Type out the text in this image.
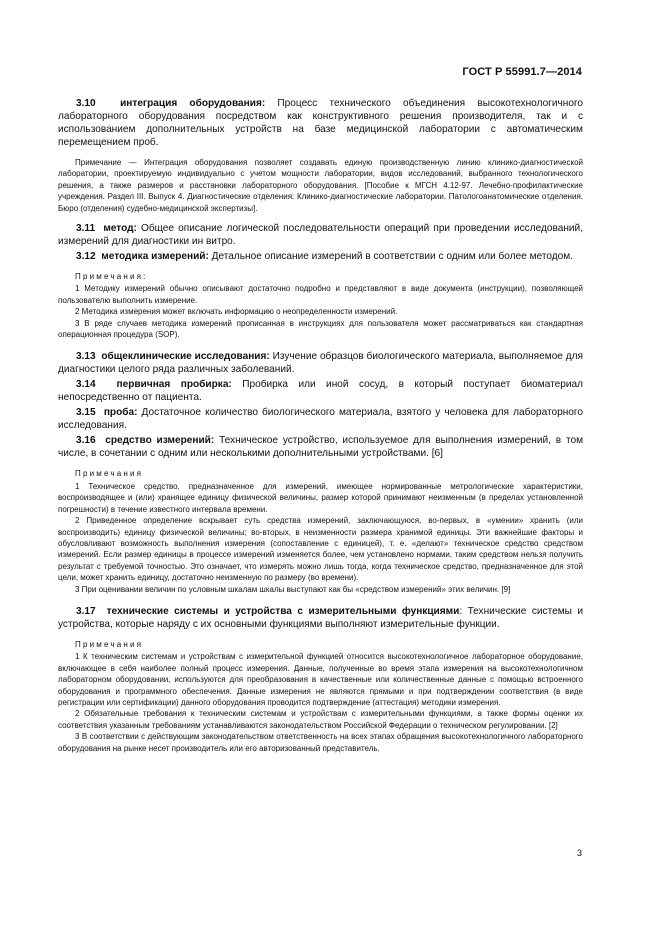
ГОСТ Р 55991.7—2014

3.10 интеграция оборудования: Процесс технического объединения высокотехнологичного лабораторного оборудования посредством как конструктивного решения производителя, так и с использованием дополнительных устройств на базе медицинской лаборатории с автоматическим перемещением проб.

Примечание — Интеграция оборудования позволяет создавать единую производственную линию клинико-диагностической лаборатории, проектируемую индивидуально с учетом мощности лаборатории, видов исследований, выбранного технологического решения, а также размеров и расстановки лабораторного оборудования. [Пособие к МГСН 4.12-97. Лечебно-профилактические учреждения. Раздел III. Выпуск 4. Диагностические отделения: Клинико-диагностические лаборатории. Патологоанатомические отделения. Бюро (отделения) судебно-медицинской экспертизы].

3.11 метод: Общее описание логической последовательности операций при проведении исследований, измерений для диагностики ин витро.

3.12 методика измерений: Детальное описание измерений в соответствии с одним или более методом.

Примечания:

1 Методику измерений обычно описывают достаточно подробно и представляют в виде документа (инструкции), позволяющей пользователю выполнить измерение.

2 Методика измерения может включать информацию о неопределенности измерений.

3 В ряде случаев методика измерений прописанная в инструкциях для пользователя может рассматриваться как стандартная операционная процедура (SOP).

3.13 общеклинические исследования: Изучение образцов биологического материала, выполняемое для диагностики целого ряда различных заболеваний.

3.14 первичная пробирка: Пробирка или иной сосуд, в который поступает биоматериал непосредственно от пациента.

3.15 проба: Достаточное количество биологического материала, взятого у человека для лабораторного исследования.

3.16 средство измерений: Техническое устройство, используемое для выполнения измерений, в том числе, в сочетании с одним или несколькими дополнительными устройствами. [6]

Примечания

1 Техническое средство, предназначенное для измерений, имеющее нормированные метрологические характеристики, воспроизводящее и (или) хранящее единицу физической величины, размер которой принимают неизменным (в пределах установленной погрешности) в течение известного интервала времени.

2 Приведенное определение вскрывает суть средства измерений, заключающуюся, во-первых, в «умении» хранить (или воспроизводить) единицу физической величины; во-вторых, в неизменности размера хранимой единицы. Эти важнейшие факторы и обусловливают возможность выполнения измерения (сопоставление с единицей), т. е. «делают» техническое средство средством измерений. Если размер единицы в процессе измерений изменяется более, чем установлено нормами, таким средством нельзя получить результат с требуемой точностью. Это означает, что измерять можно лишь тогда, когда техническое средство, предназначенное для этой цели, может хранить единицу, достаточно неизменную по размеру (во времени).

3 При оценивании величин по условным шкалам шкалы выступают как бы «средством измерений» этих величин. [9]

3.17 технические системы и устройства с измерительными функциями: Технические системы и устройства, которые наряду с их основными функциями выполняют измерительные функции.

Примечания

1 К техническим системам и устройствам с измерительной функцией относится высокотехнологичное лабораторное оборудование, включающее в себя наиболее полный процесс измерения. Данные, полученные во время этапа измерения на высокотехнологичном лабораторном оборудовании, используются для преобразования в качественные или количественные данные с помощью встроенного оборудования и программного обеспечения. Данные измерения не являются прямыми и при подтверждении соответствия (в виде регистрации или сертификации) данного оборудования проводится подтверждение (аттестация) методики измерения.

2 Обязательные требования к техническим системам и устройствам с измерительными функциями, а также формы оценки их соответствия указанным требованиям устанавливаются законодательством Российской Федерации о техническом регулировании. [2]

3 В соответствии с действующим законодательством ответственность на всех этапах обращения высокотехнологичного лабораторного оборудования на рынке несет производитель или его авторизованный представитель.

3
